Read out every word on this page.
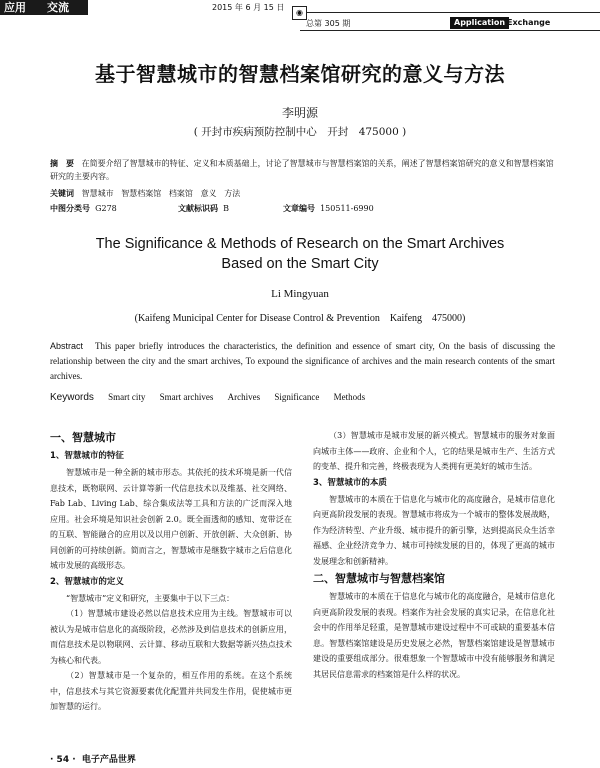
应用 交流	2015 年 6 月 15 日
◉
总第 305 期	Application Exchange
基于智慧城市的智慧档案馆研究的意义与方法
李明源
( 开封市疾病预防控制中心　开封　475000 )
摘　要 在简要介绍了智慧城市的特征、定义和本质基础上，讨论了智慧城市与智慧档案馆的关系，阐述了智慧档案馆研究的意义和智慧档案馆研究的主要内容。
关键词 智慧城市 智慧档案馆 档案馆 意义 方法
中图分类号 G278	文献标识码 B	文章编号 150511-6990
The Significance & Methods of Research on the Smart Archives
Based on the Smart City
Li Mingyuan
(Kaifeng Municipal Center for Disease Control & Prevention　Kaifeng　475000)
Abstract This paper briefly introduces the characteristics, the definition and essence of smart city, On the basis of discussing the relationship between the city and the smart archives, To expound the significance of archives and the main research contents of the smart archives.
Keywords Smart city Smart archives Archives Significance Methods
一、智慧城市
1、智慧城市的特征

智慧城市是一种全新的城市形态。其依托的技术环境是新一代信息技术，既物联网、云计算等新一代信息技术以及维基、社交网络、Fab Lab、Living Lab、综合集成法等工具和方法的广泛而深入地应用。社会环境是知识社会创新 2.0。既全面透彻的感知、宽带泛在的互联、智能融合的应用以及以用户创新、开放创新、大众创新、协同创新的可持续创新。简而言之，智慧城市是继数字城市之后信息化城市发展的高级形态。

2、智慧城市的定义

“智慧城市”定义和研究，主要集中于以下三点：

（1）智慧城市建设必然以信息技术应用为主线。智慧城市可以被认为是城市信息化的高级阶段，必然涉及到信息技术的创新应用，而信息技术是以物联网、云计算、移动互联和大数据等新兴热点技术为核心和代表。

（2）智慧城市是一个复杂的，相互作用的系统。在这个系统中，信息技术与其它资源要素优化配置并共同发生作用，促使城市更加智慧的运行。

（3）智慧城市是城市发展的新兴模式。智慧城市的服务对象面向城市主体——政府、企业和个人，它的结果是城市生产、生活方式的变革、提升和完善，终极表现为人类拥有更美好的城市生活。

3、智慧城市的本质

智慧城市的本质在于信息化与城市化的高度融合，是城市信息化向更高阶段发展的表现。智慧城市将成为一个城市的整体发展战略，作为经济转型、产业升级、城市提升的新引擎，达到提高民众生活幸福感、企业经济竞争力、城市可持续发展的目的，体现了更高的城市发展理念和创新精神。

二、智慧城市与智慧档案馆

智慧城市的本质在于信息化与城市化的高度融合，是城市信息化向更高阶段发展的表现。档案作为社会发展的真实记录，在信息化社会中的作用举足轻重，是智慧城市建设过程中不可或缺的重要基本信息。智慧档案馆建设是历史发展之必然，智慧档案馆建设是智慧城市建设的重要组成部分。很难想象一个智慧城市中没有能够服务和满足其居民信息需求的档案馆是什么样的状况。

· 54 · 电子产品世界
